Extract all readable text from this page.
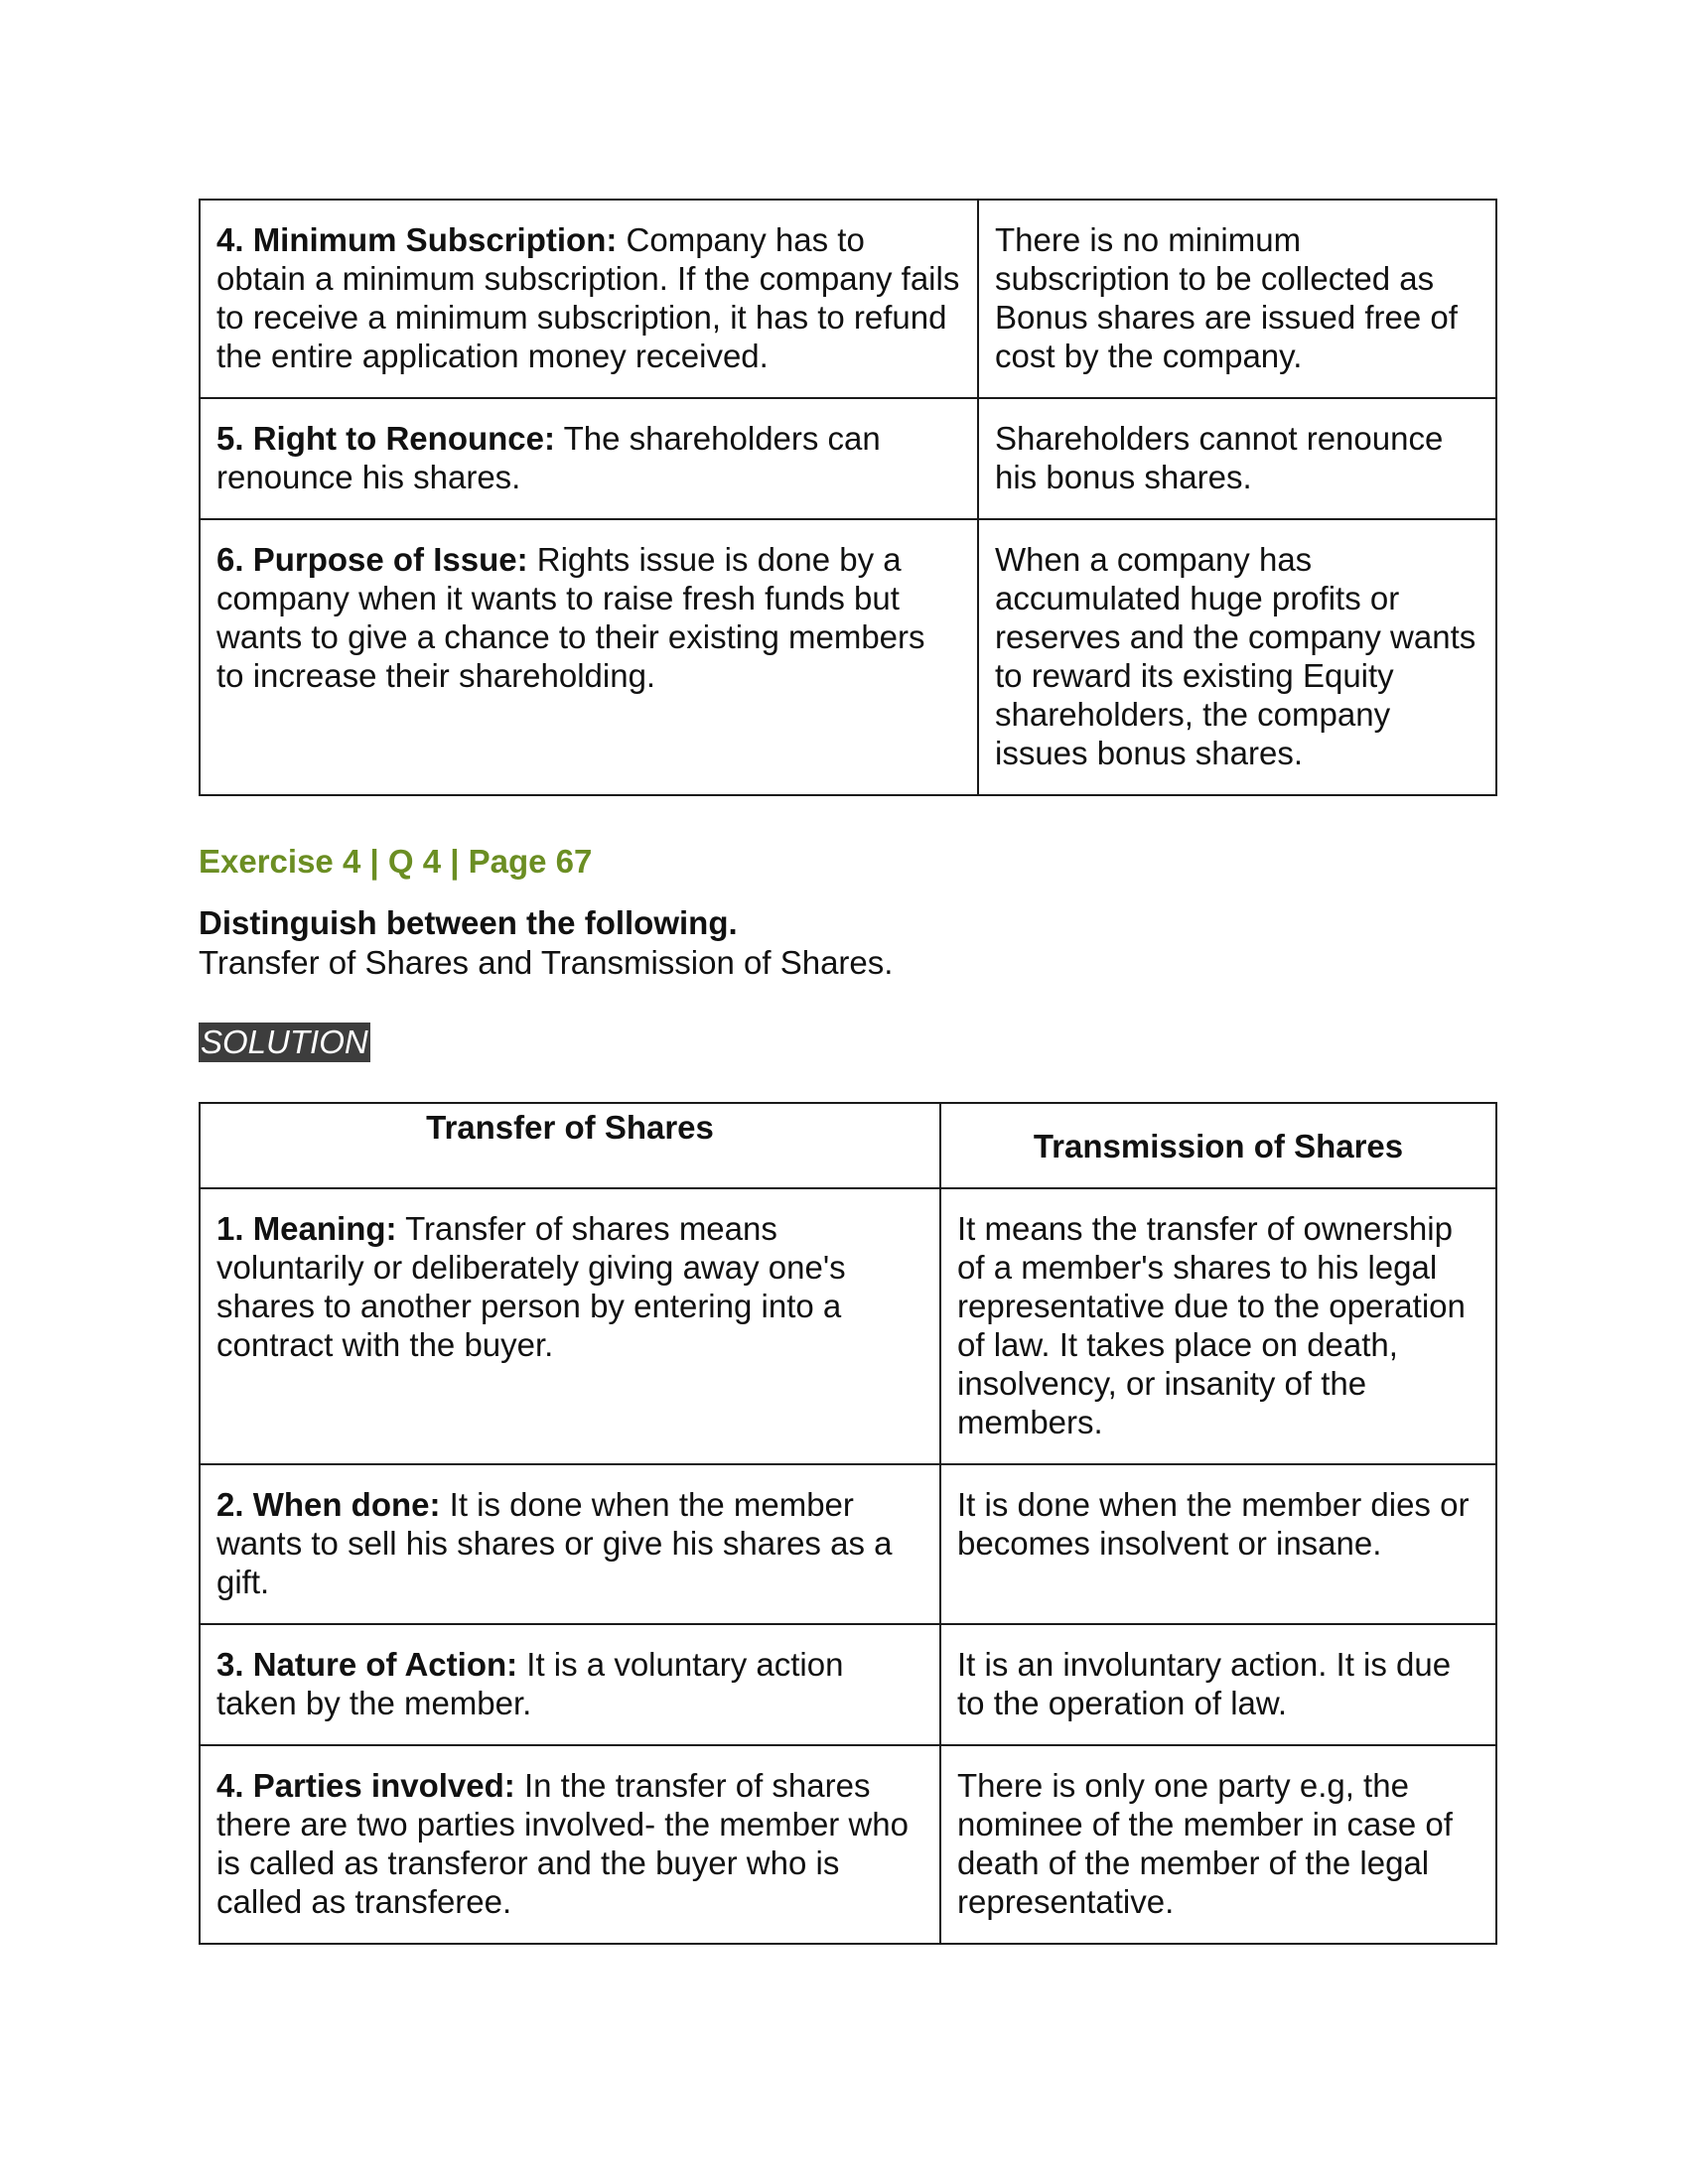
4. Minimum Subscription: Company has to obtain a minimum subscription. If the company fails to receive a minimum subscription, it has to refund the entire application money received.	There is no minimum subscription to be collected as Bonus shares are issued free of cost by the company.
5. Right to Renounce: The shareholders can renounce his shares.	Shareholders cannot renounce his bonus shares.
6. Purpose of Issue: Rights issue is done by a company when it wants to raise fresh funds but wants to give a chance to their existing members to increase their shareholding.	When a company has accumulated huge profits or reserves and the company wants to reward its existing Equity shareholders, the company issues bonus shares.
Exercise 4 | Q 4 | Page 67
Distinguish between the following.
Transfer of Shares and Transmission of Shares.
SOLUTION
Transfer of Shares	Transmission of Shares
1. Meaning: Transfer of shares means voluntarily or deliberately giving away one's shares to another person by entering into a contract with the buyer.	It means the transfer of ownership of a member's shares to his legal representative due to the operation of law. It takes place on death, insolvency, or insanity of the members.
2. When done: It is done when the member wants to sell his shares or give his shares as a gift.	It is done when the member dies or becomes insolvent or insane.
3. Nature of Action: It is a voluntary action taken by the member.	It is an involuntary action. It is due to the operation of law.
4. Parties involved: In the transfer of shares there are two parties involved- the member who is called as transferor and the buyer who is called as transferee.	There is only one party e.g, the nominee of the member in case of death of the member of the legal representative.
